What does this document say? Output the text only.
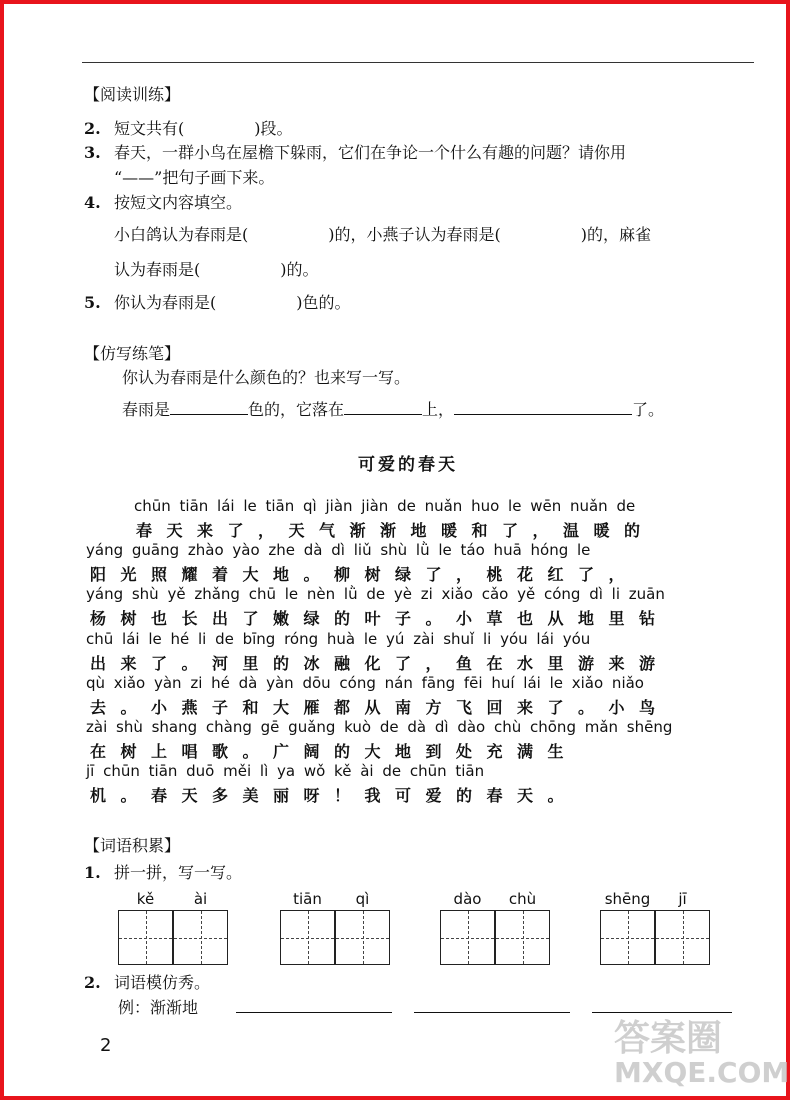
【阅读训练】
2. 短文共有(	)段。
3. 春天，一群小鸟在屋檐下躲雨，它们在争论一个什么有趣的问题？请你用
“——”把句子画下来。
4. 按短文内容填空。
小白鸽认为春雨是(	)的，小燕子认为春雨是(	)的，麻雀
认为春雨是(	)的。
5. 你认为春雨是(	)色的。
【仿写练笔】
你认为春雨是什么颜色的？也来写一写。
春雨是	色的，它落在	上，	了。
可爱的春天
chūn tiān lái le tiān qì jiàn jiàn de nuǎn huo le wēn nuǎn de
春天来了，天气渐渐地暖和了，温暖的
yáng guāng zhào yào zhe dà dì liǔ shù lǜ le táo huā hóng le
阳光照耀着大地。柳树绿了，桃花红了，
yáng shù yě zhǎng chū le nèn lǜ de yè zi xiǎo cǎo yě cóng dì li zuān
杨树也长出了嫩绿的叶子。小草也从地里钻
chū lái le hé li de bīng róng huà le yú zài shuǐ li yóu lái yóu
出来了。河里的冰融化了，鱼在水里游来游
qù xiǎo yàn zi hé dà yàn dōu cóng nán fāng fēi huí lái le xiǎo niǎo
去。小燕子和大雁都从南方飞回来了。小鸟
zài shù shang chàng gē guǎng kuò de dà dì dào chù chōng mǎn shēng
在树上唱歌。广阔的大地到处充满生
jī chūn tiān duō měi lì ya wǒ kě ài de chūn tiān
机。春天多美丽呀！我可爱的春天。
【词语积累】
1. 拼一拼，写一写。
kě	ài	tiān	qì	dào	chù	shēng	jī
2. 词语模仿秀。
例：渐渐地
2	答案圈
MXQE.COM
